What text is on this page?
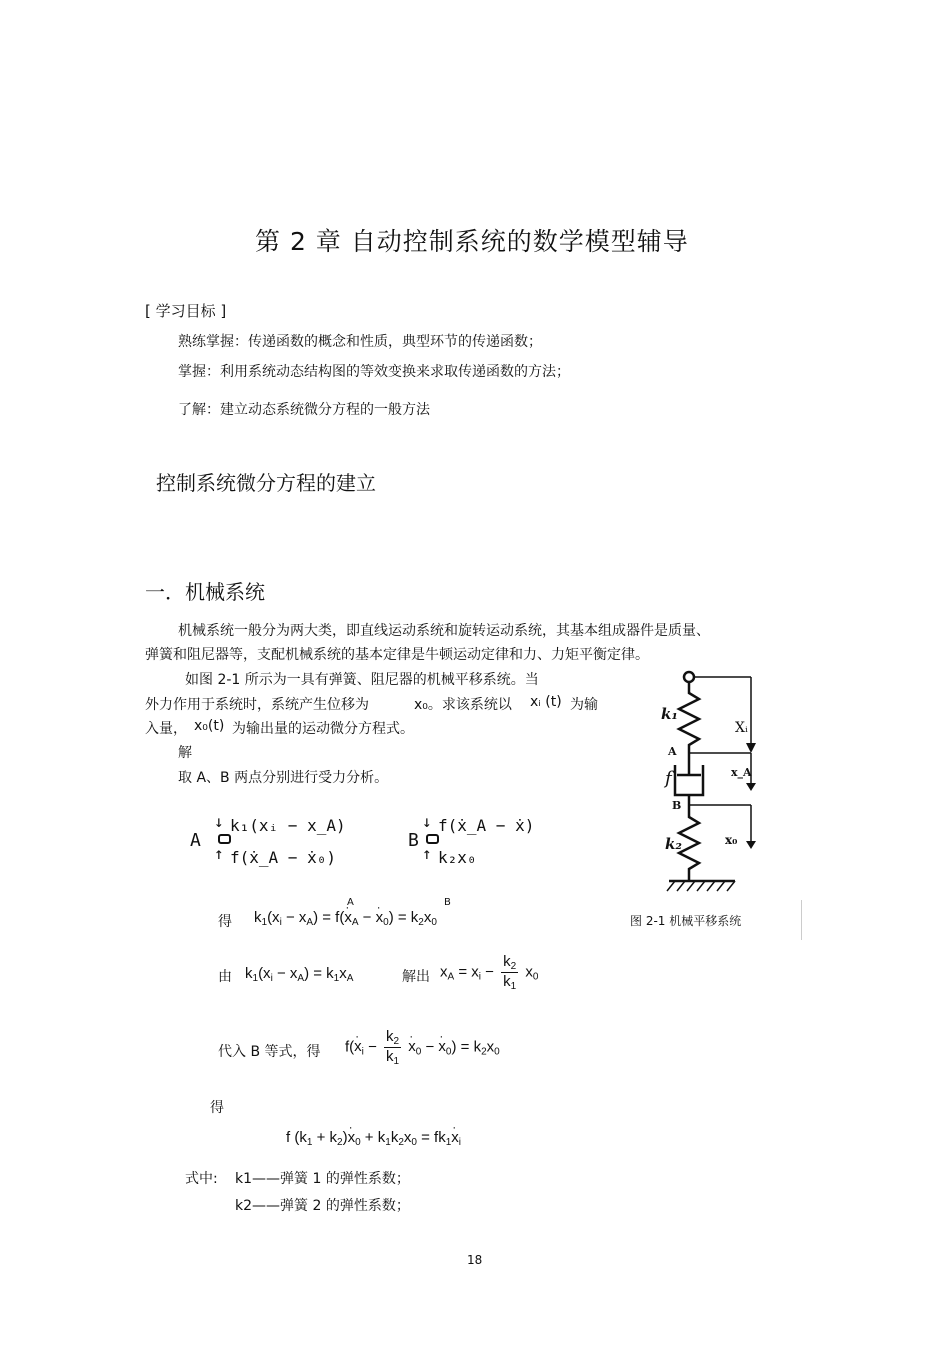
第 2 章 自动控制系统的数学模型辅导
[ 学习目标 ]
熟练掌握：传递函数的概念和性质，典型环节的传递函数；
掌握：利用系统动态结构图的等效变换来求取传递函数的方法；
了解：建立动态系统微分方程的一般方法
控制系统微分方程的建立
一．机械系统
机械系统一般分为两大类，即直线运动系统和旋转运动系统，其基本组成器件是质量、
弹簧和阻尼器等，支配机械系统的基本定律是牛顿运动定律和力、力矩平衡定律。
如图 2-1 所示为一具有弹簧、阻尼器的机械平移系统。当
外力作用于系统时，系统产生位移为	x₀。求该系统以 xᵢ (t) 为输
入量， x₀(t) 为输出量的运动微分方程式。
解
取 A、B 两点分别进行受力分析。
A
↓ k₁(xᵢ − x_A)
↑ f(ẋ_A − ẋ₀)
B
↓ f(ẋ_A − ẋ)
↑ k₂x₀
得
A	B
$k_1(x_i - x_A) = f(\cdot x_A$ − · $x_0) = k_2x_0$
由 $k_1(x_i - x_A) = k_1x_A$	解出 $x_A = x_i - \frac{k_2}{k_1} x_0$
代入 B 等式，得 $f(\cdot x_i - \frac{k_2}{k_1}$
· $x_0$ − · $x_0) = k_2x_0$
得
f $(k_1 + k_2)\cdot x_0 + k_1k_2x_0 = fk_1\cdot x_i$
式中: k1——弹簧 1 的弹性系数；
k2——弹簧 2 的弹性系数；
k₁
Xᵢ
A
f	x_A
B
k₂	x₀
图 2-1 机械平移系统
18
